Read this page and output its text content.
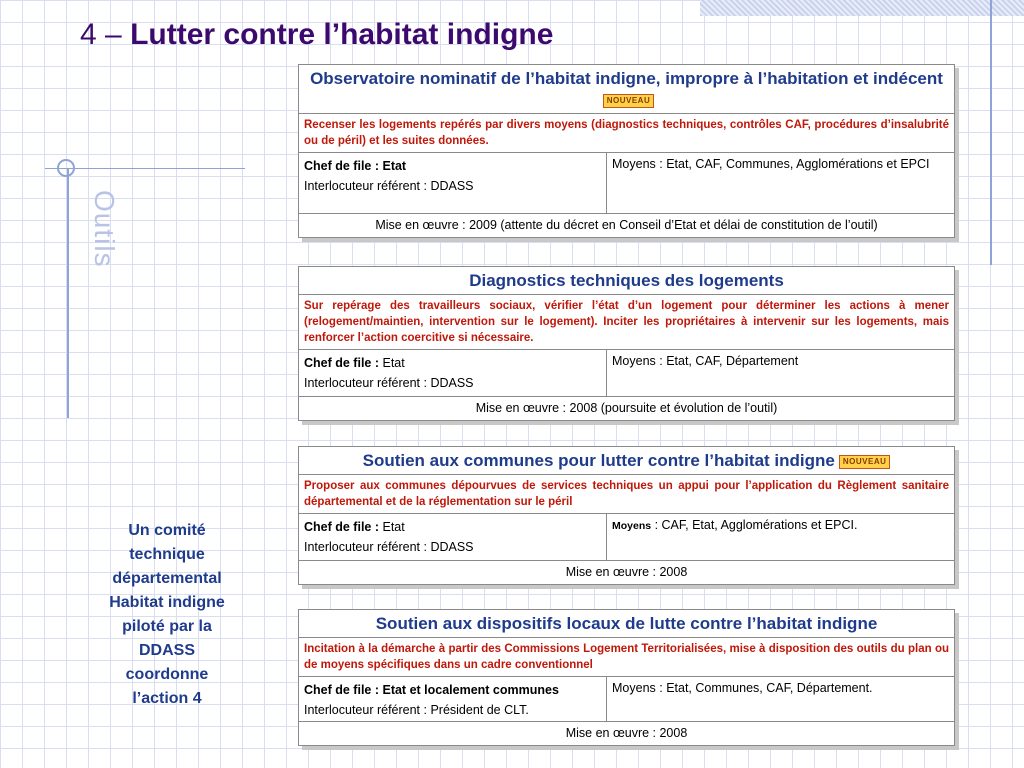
4 – Lutter contre l’habitat indigne
Outils
Un comité
technique
départemental
Habitat indigne
piloté par la
DDASS
coordonne
l’action 4
Observatoire nominatif de l’habitat indigne, impropre à l’habitation et indécentNOUVEAU
Recenser les logements repérés par divers moyens (diagnostics techniques, contrôles CAF, procédures d’insalubrité ou de péril) et les suites données.
Chef de file : Etat
Interlocuteur référent : DDASS
Moyens : Etat, CAF, Communes, Agglomérations et EPCI
Mise en œuvre : 2009 (attente du décret en Conseil d’Etat et délai de constitution de l’outil)
Diagnostics techniques des logements
Sur repérage des travailleurs sociaux, vérifier l’état d’un logement pour déterminer les actions à mener (relogement/maintien, intervention sur le logement). Inciter les propriétaires à intervenir sur les logements, mais renforcer l’action coercitive si nécessaire.
Chef de file : Etat
Interlocuteur référent : DDASS
Moyens : Etat, CAF, Département
Mise en œuvre : 2008 (poursuite et évolution de l’outil)
Soutien aux communes pour lutter contre l’habitat indigne NOUVEAU
Proposer aux communes dépourvues de services techniques un appui pour l’application du Règlement sanitaire départemental et de la réglementation sur le péril
Chef de file : Etat
Interlocuteur référent : DDASS
Moyens : CAF, Etat, Agglomérations et EPCI.
Mise en œuvre : 2008
Soutien aux dispositifs locaux de lutte contre l’habitat indigne
Incitation à la démarche à partir des Commissions Logement Territorialisées, mise à disposition des outils du plan ou de moyens spécifiques dans un cadre conventionnel
Chef de file : Etat et localement communes
Interlocuteur référent : Président de CLT.
Moyens : Etat, Communes, CAF, Département.
Mise en œuvre : 2008
